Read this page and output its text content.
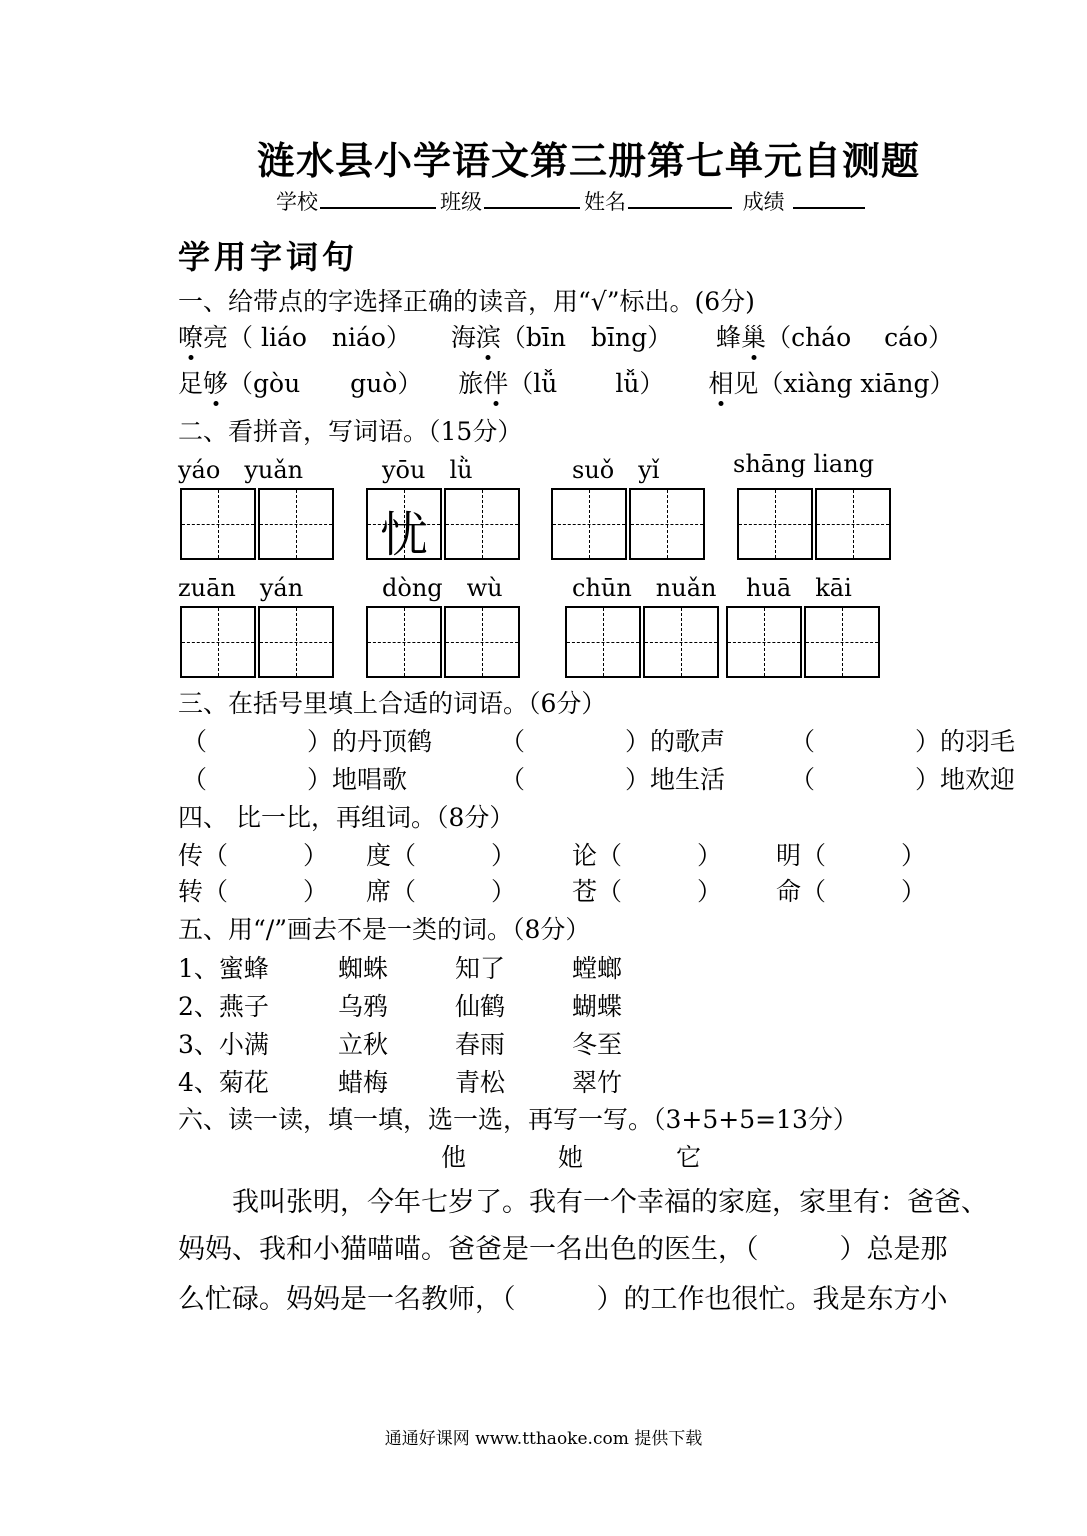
涟水县小学语文第三册第七单元自测题
学校	班级	姓名	成绩
学用字词句
一、给带点的字选择正确的读音，用“√”标出。(6分)
嘹亮（ liáo　niáo） 海滨（bīn　bīng） 蜂巢（cháo　 cáo）
足够（gòu　　guò） 旅伴（lǚ　　 lǚ） 相见（xiàng xiāng）
二、看拼音，写词语。（15分）
yáo　yuǎn	yōu　lǜ	suǒ　yǐ	shāng liang
忧
zuān　yán	dòng　wù	chūn　nuǎn huā　kāi
三、在括号里填上合适的词语。（6分）
（　　　　）的丹顶鹤	（　　　　）的歌声	（　　　　）的羽毛
（　　　　）地唱歌	（　　　　）地生活	（　　　　）地欢迎
四、 比一比，再组词。（8分）
传（　　　） 度（　　　） 论（　　　） 明（　　　）
转（　　　） 席（　　　） 苍（　　　） 命（　　　）
五、用“/”画去不是一类的词。（8分）
1、蜜蜂	蜘蛛	知了	螳螂
2、燕子	乌鸦	仙鹤	蝴蝶
3、小满	立秋	春雨	冬至
4、菊花	蜡梅	青松	翠竹
六、读一读，填一填，选一选，再写一写。（3+5+5=13分）
他	她	它
　　我叫张明，今年七岁了。我有一个幸福的家庭，家里有：爸爸、
妈妈、我和小猫喵喵。爸爸是一名出色的医生，（　　　）总是那
么忙碌。妈妈是一名教师，（　　　）的工作也很忙。我是东方小
通通好课网 www.tthaoke.com 提供下载
